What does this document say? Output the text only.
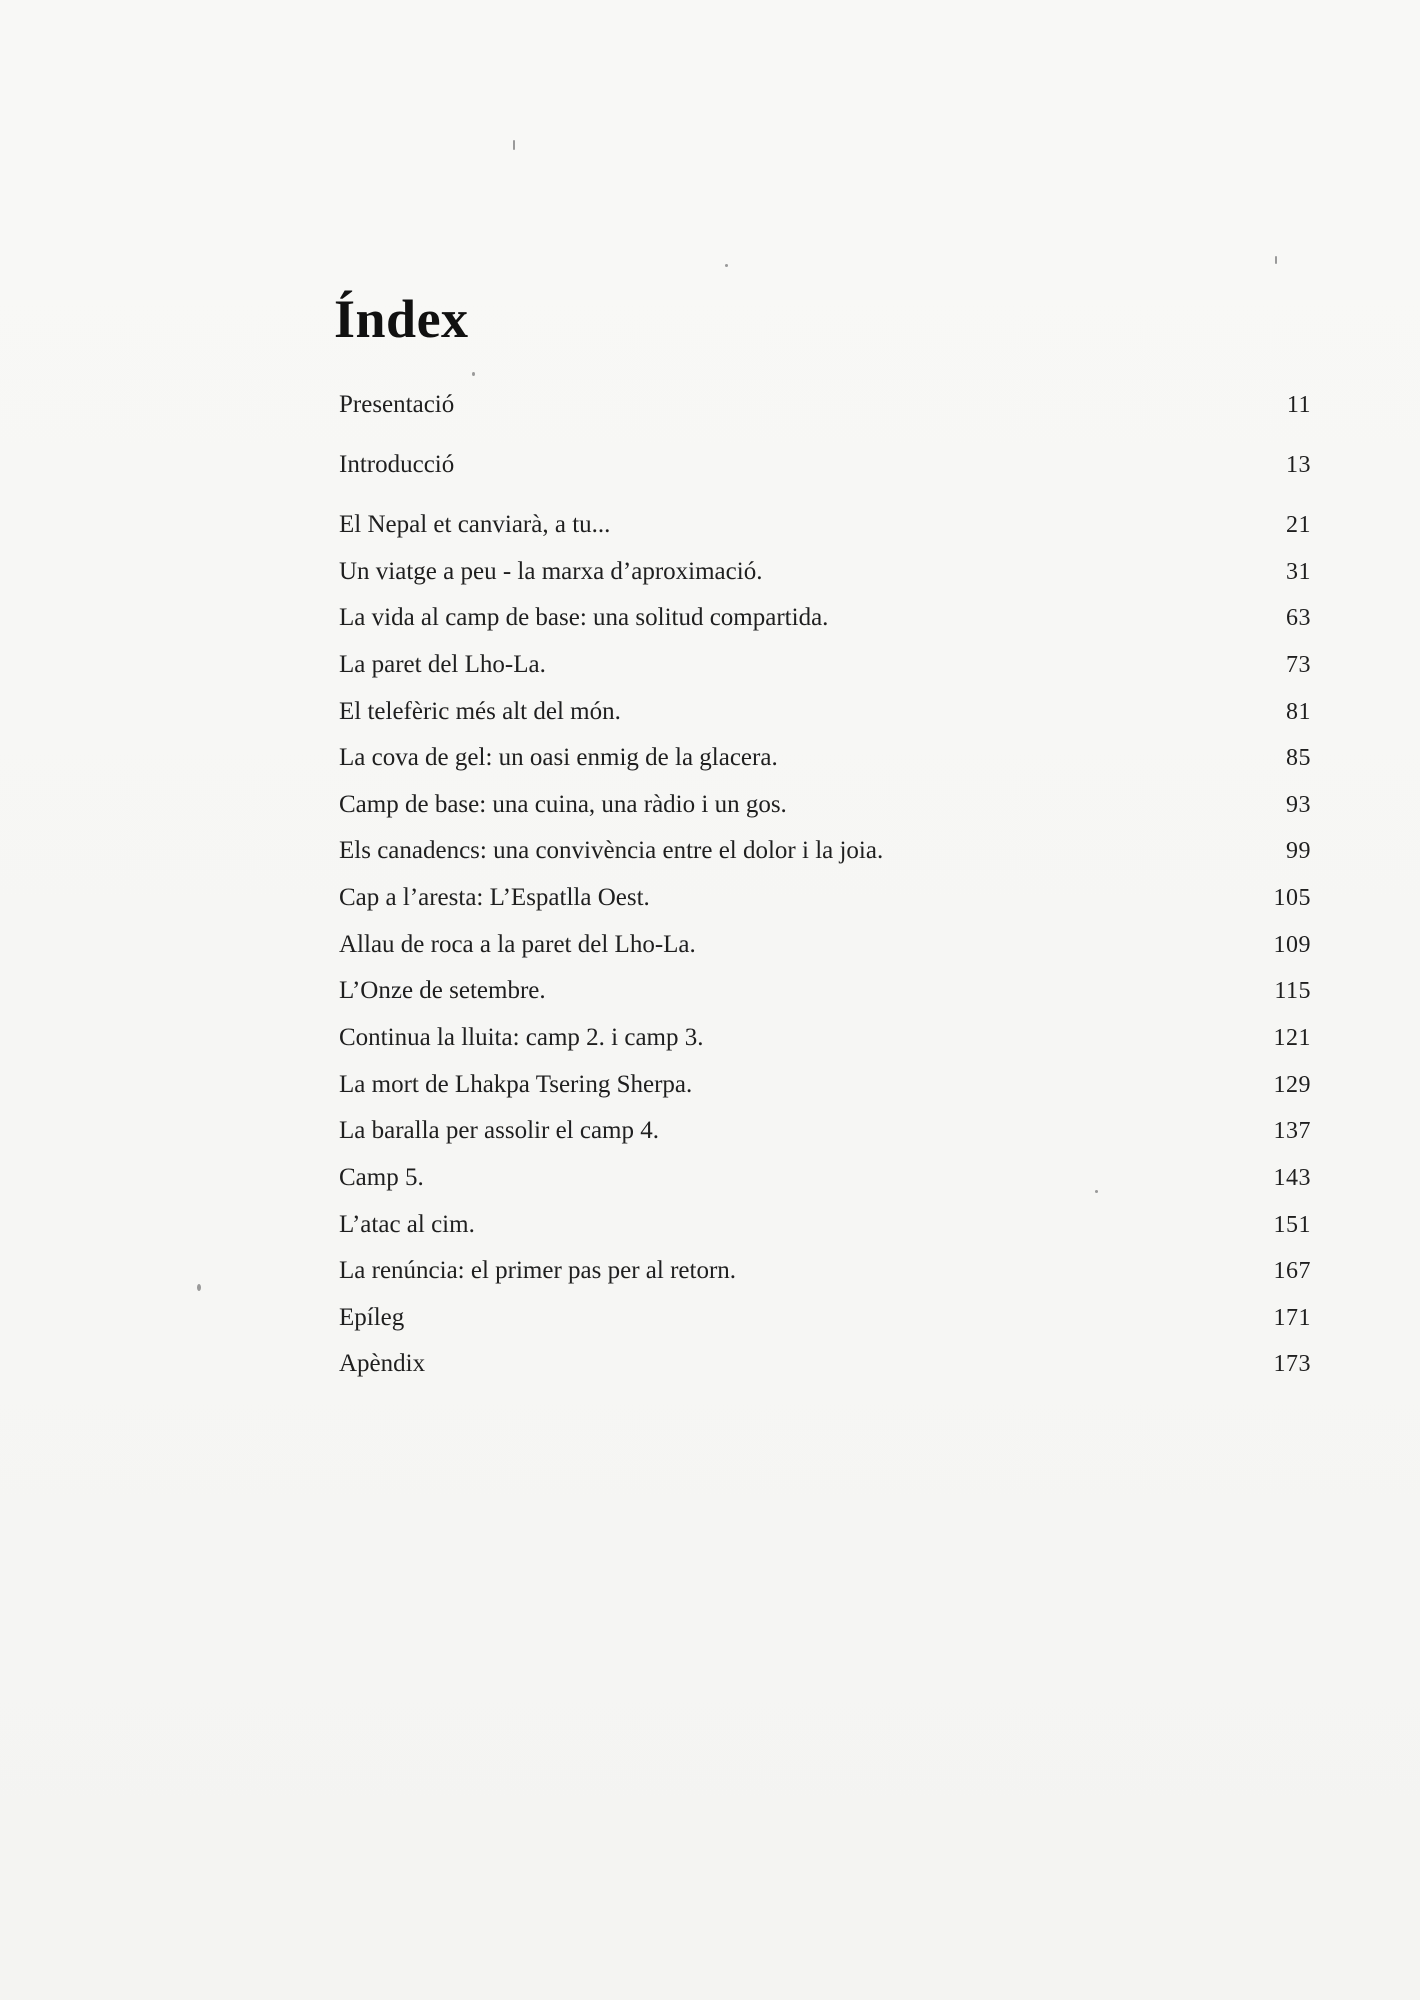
Índex
Presentació	11
Introducció	13
El Nepal et canviarà, a tu...	21
Un viatge a peu - la marxa d’aproximació.	31
La vida al camp de base: una solitud compartida.	63
La paret del Lho-La.	73
El telefèric més alt del món.	81
La cova de gel: un oasi enmig de la glacera.	85
Camp de base: una cuina, una ràdio i un gos.	93
Els canadencs: una convivència entre el dolor i la joia.	99
Cap a l’aresta: L’Espatlla Oest.	105
Allau de roca a la paret del Lho-La.	109
L’Onze de setembre.	115
Continua la lluita: camp 2. i camp 3.	121
La mort de Lhakpa Tsering Sherpa.	129
La baralla per assolir el camp 4.	137
Camp 5.	143
L’atac al cim.	151
La renúncia: el primer pas per al retorn.	167
Epíleg	171
Apèndix	173
